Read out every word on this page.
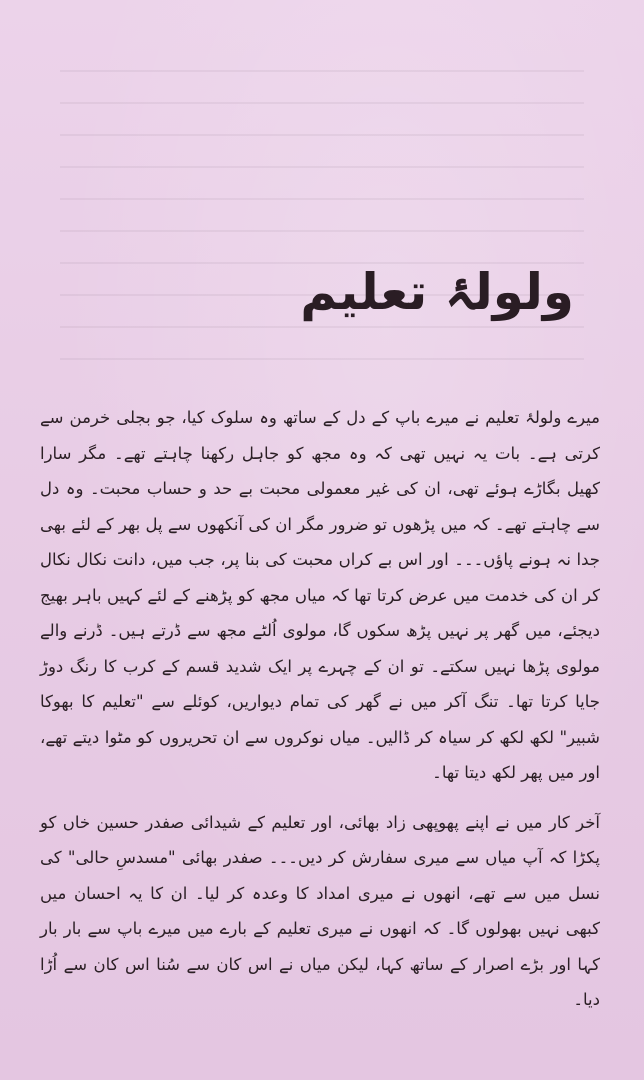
ولولۂ تعلیم

میرے ولولۂ تعلیم نے میرے باپ کے دل کے ساتھ وہ سلوک کیا، جو بجلی خرمن سے کرتی ہے۔ بات یہ نہیں تھی کہ وہ مجھ کو جاہل رکھنا چاہتے تھے۔ مگر سارا کھیل بگاڑے ہوئے تھی، ان کی غیر معمولی محبت بے حد و حساب محبت۔ وہ دل سے چاہتے تھے۔ کہ میں پڑھوں تو ضرور مگر ان کی آنکھوں سے پل بھر کے لئے بھی جدا نہ ہونے پاؤں۔۔۔ اور اس بے کراں محبت کی بنا پر، جب میں، دانت نکال نکال کر ان کی خدمت میں عرض کرتا تھا کہ میاں مجھ کو پڑھنے کے لئے کہیں باہر بھیج دیجئے، میں گھر پر نہیں پڑھ سکوں گا، مولوی اُلٹے مجھ سے ڈرتے ہیں۔ ڈرنے والے مولوی پڑھا نہیں سکتے۔ تو ان کے چہرے پر ایک شدید قسم کے کرب کا رنگ دوڑ جایا کرتا تھا۔ تنگ آکر میں نے گھر کی تمام دیواریں، کوئلے سے "تعلیم کا بھوکا شبیر" لکھ لکھ کر سیاہ کر ڈالیں۔ میاں نوکروں سے ان تحریروں کو مٹوا دیتے تھے، اور میں پھر لکھ دیتا تھا۔

آخر کار میں نے اپنے پھوپھی زاد بھائی، اور تعلیم کے شیدائی صفدر حسین خاں کو پکڑا کہ آپ میاں سے میری سفارش کر دیں۔۔۔ صفدر بھائی "مسدسِ حالی" کی نسل میں سے تھے، انھوں نے میری امداد کا وعدہ کر لیا۔ ان کا یہ احسان میں کبھی نہیں بھولوں گا۔ کہ انھوں نے میری تعلیم کے بارے میں میرے باپ سے بار بار کہا اور بڑے اصرار کے ساتھ کہا، لیکن میاں نے اس کان سے سُنا اس کان سے اُڑا دیا۔
